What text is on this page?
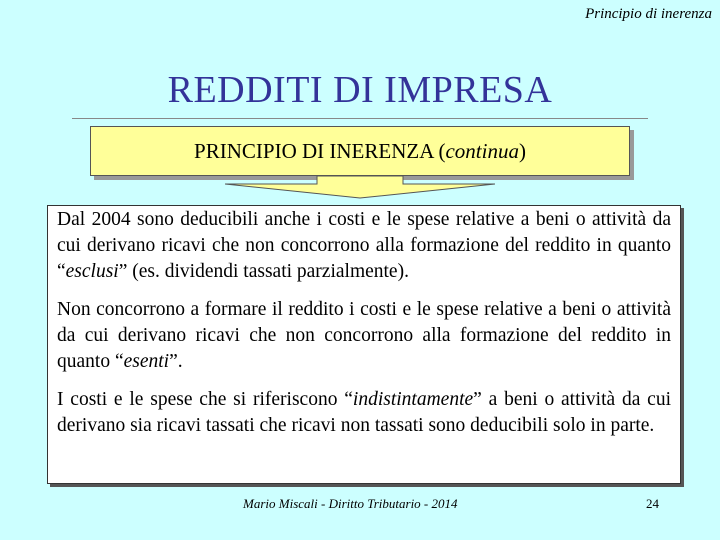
Principio di inerenza
REDDITI DI IMPRESA
PRINCIPIO DI INERENZA (continua)

Dal 2004 sono deducibili anche i costi e le spese relative a beni o attività da cui derivano ricavi che non concorrono alla formazione del reddito in quanto “esclusi” (es. dividendi tassati parzialmente).

Non concorrono a formare il reddito i costi e le spese relative a beni o attività da cui derivano ricavi che non concorrono alla formazione del reddito in quanto “esenti”.

I costi e le spese che si riferiscono “indistintamente” a beni o attività da cui derivano sia ricavi tassati che ricavi non tassati sono deducibili solo in parte.

Mario Miscali - Diritto Tributario - 2014	24
